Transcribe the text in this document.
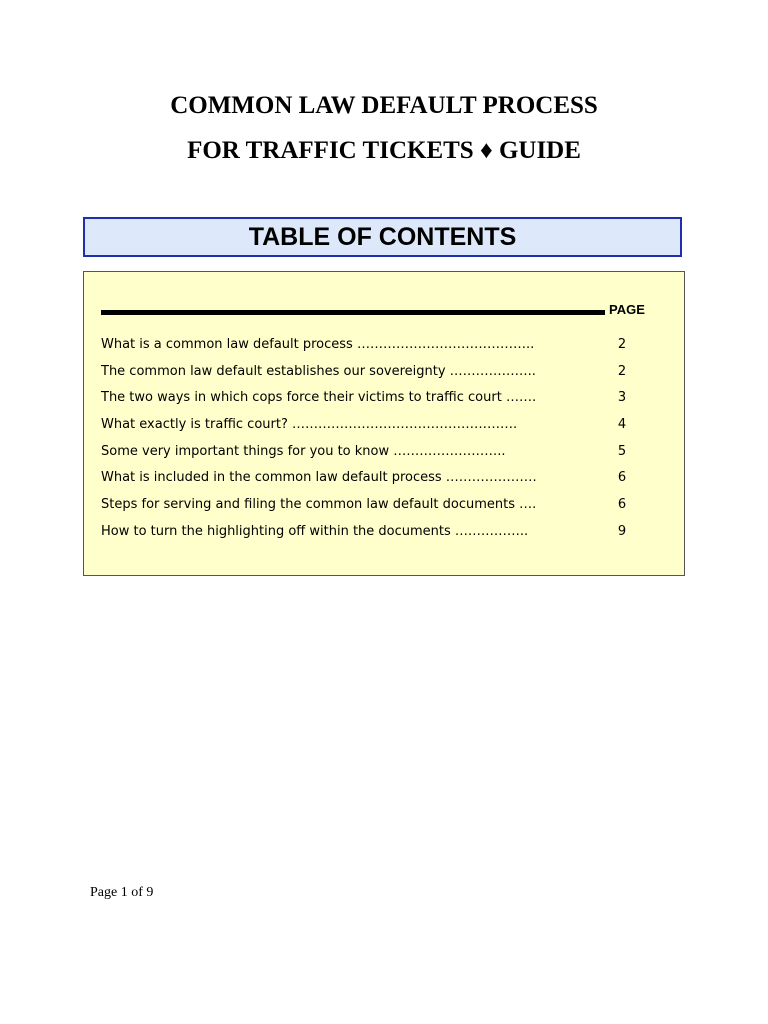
COMMON LAW DEFAULT PROCESS
FOR TRAFFIC TICKETS ♦ GUIDE
TABLE OF CONTENTS
PAGE
What is a common law default process …………………………………..	2
The common law default establishes our sovereignty ………………..	2
The two ways in which cops force their victims to traffic court …….	3
What exactly is traffic court? …………………………………………….	4
Some very important things for you to know ……………………..	5
What is included in the common law default process …………………	6
Steps for serving and filing the common law default documents ….	6
How to turn the highlighting off within the documents ……………..	9
Page 1 of 9
